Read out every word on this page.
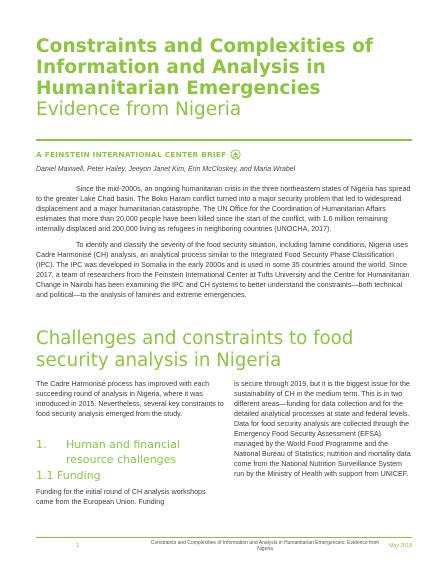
Constraints and Complexities of
Information and Analysis in
Humanitarian Emergencies
Evidence from Nigeria
A FEINSTEIN INTERNATIONAL CENTER BRIEF
Daniel Maxwell, Peter Hailey, Jeeyon Janet Kim, Erin McCloskey, and Maria Wrabel

Since the mid-2000s, an ongoing humanitarian crisis in the three northeastern states of Nigeria has spread to the greater Lake Chad basin. The Boko Haram conflict turned into a major security problem that led to widespread displacement and a major humanitarian catastrophe. The UN Office for the Coordination of Humanitarian Affairs estimates that more than 20,000 people have been killed since the start of the conflict, with 1.6 million remaining internally displaced and 200,000 living as refugees in neighboring countries (UNOCHA, 2017).

To identify and classify the severity of the food security situation, including famine conditions, Nigeria uses Cadre Harmonisé (CH) analysis, an analytical process similar to the Integrated Food Security Phase Classification (IPC). The IPC was developed in Somalia in the early 2000s and is used in some 35 countries around the world. Since 2017, a team of researchers from the Feinstein International Center at Tufts University and the Centre for Humanitarian Change in Nairobi has been examining the IPC and CH systems to better understand the constraints—both technical and political—to the analysis of famines and extreme emergencies.

Challenges and constraints to food security analysis in Nigeria
The Cadre Harmonisé process has improved with each succeeding round of analysis in Nigeria, where it was introduced in 2015. Nevertheless, several key constraints to food security analysis emerged from the study.
1.	Human and financial resource challenges
1.1 Funding
Funding for the initial round of CH analysis workshops came from the European Union. Funding
is secure through 2019, but it is the biggest issue for the sustainability of CH in the medium term. This is in two different areas—funding for data collection and for the detailed analytical processes at state and federal levels. Data for food security analysis are collected through the Emergency Food Security Assessment (EFSA) managed by the World Food Programme and the National Bureau of Statistics; nutrition and mortality data come from the National Nutrition Surveillance System run by the Ministry of Health with support from UNICEF.
1	Constraints and Complexities of Information and Analysis in Humanitarian Emergencies: Evidence from Nigeria	May 2018
